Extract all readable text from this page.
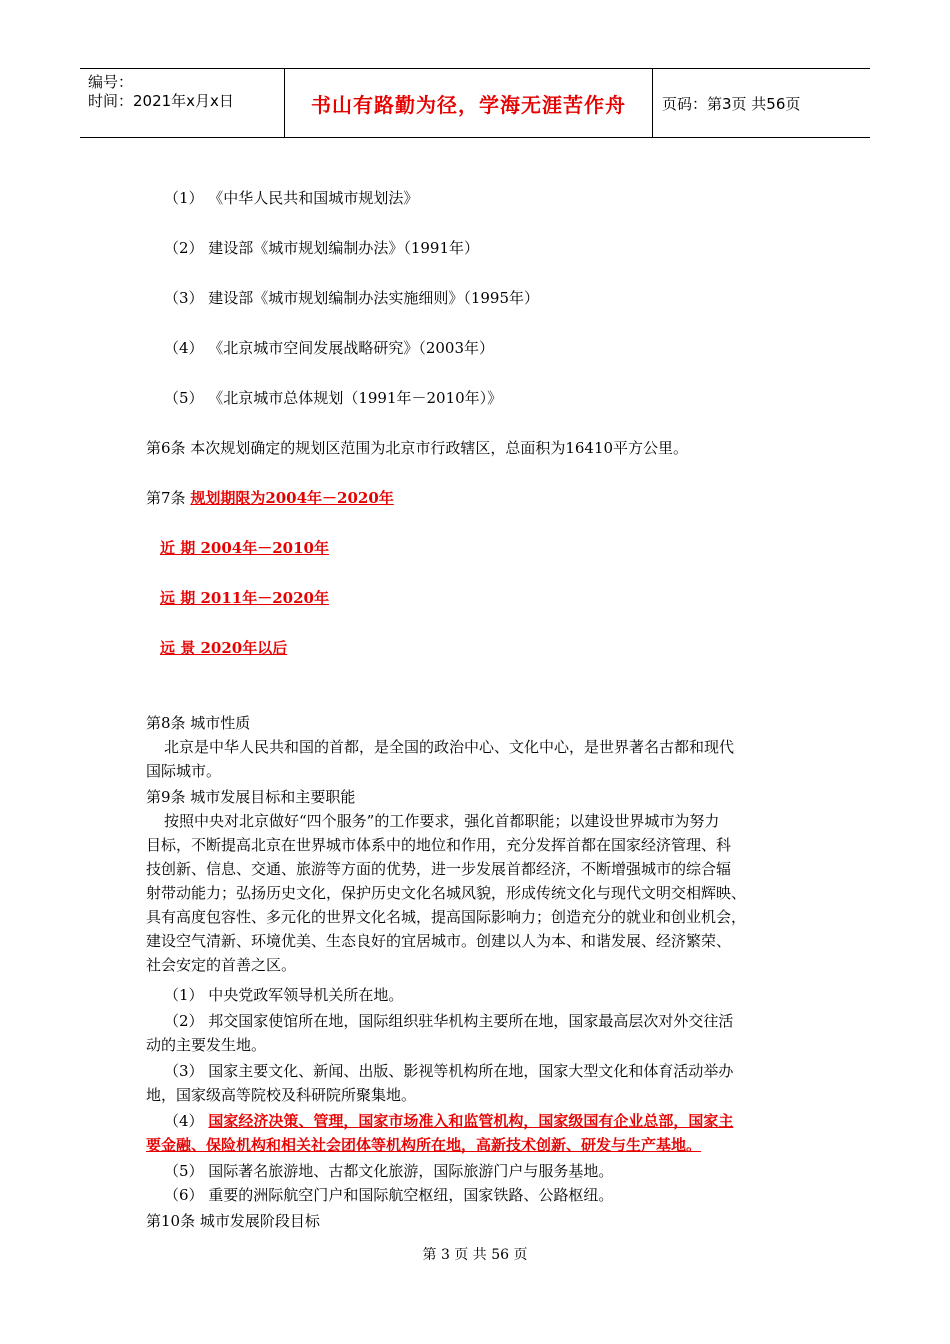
编号：
时间：2021年x月x日	书山有路勤为径，学海无涯苦作舟	页码：第3页 共56页
（1） 《中华人民共和国城市规划法》
（2） 建设部《城市规划编制办法》（1991年）
（3） 建设部《城市规划编制办法实施细则》（1995年）
（4） 《北京城市空间发展战略研究》（2003年）
（5） 《北京城市总体规划（1991年－2010年）》
第6条 本次规划确定的规划区范围为北京市行政辖区，总面积为16410平方公里。
第7条 规划期限为2004年－2020年
近 期 2004年－2010年
远 期 2011年－2020年
远 景 2020年以后
第8条 城市性质
北京是中华人民共和国的首都，是全国的政治中心、文化中心，是世界著名古都和现代
国际城市。
第9条 城市发展目标和主要职能
按照中央对北京做好“四个服务”的工作要求，强化首都职能；以建设世界城市为努力
目标，不断提高北京在世界城市体系中的地位和作用，充分发挥首都在国家经济管理、科
技创新、信息、交通、旅游等方面的优势，进一步发展首都经济，不断增强城市的综合辐
射带动能力；弘扬历史文化，保护历史文化名城风貌，形成传统文化与现代文明交相辉映、
具有高度包容性、多元化的世界文化名城，提高国际影响力；创造充分的就业和创业机会，
建设空气清新、环境优美、生态良好的宜居城市。创建以人为本、和谐发展、经济繁荣、
社会安定的首善之区。
（1） 中央党政军领导机关所在地。
（2） 邦交国家使馆所在地，国际组织驻华机构主要所在地，国家最高层次对外交往活
动的主要发生地。
（3） 国家主要文化、新闻、出版、影视等机构所在地，国家大型文化和体育活动举办
地，国家级高等院校及科研院所聚集地。
（4） 国家经济决策、管理，国家市场准入和监管机构，国家级国有企业总部，国家主
要金融、保险机构和相关社会团体等机构所在地，高新技术创新、研发与生产基地。
（5） 国际著名旅游地、古都文化旅游，国际旅游门户与服务基地。
（6） 重要的洲际航空门户和国际航空枢纽，国家铁路、公路枢纽。
第10条 城市发展阶段目标
第 3 页 共 56 页
